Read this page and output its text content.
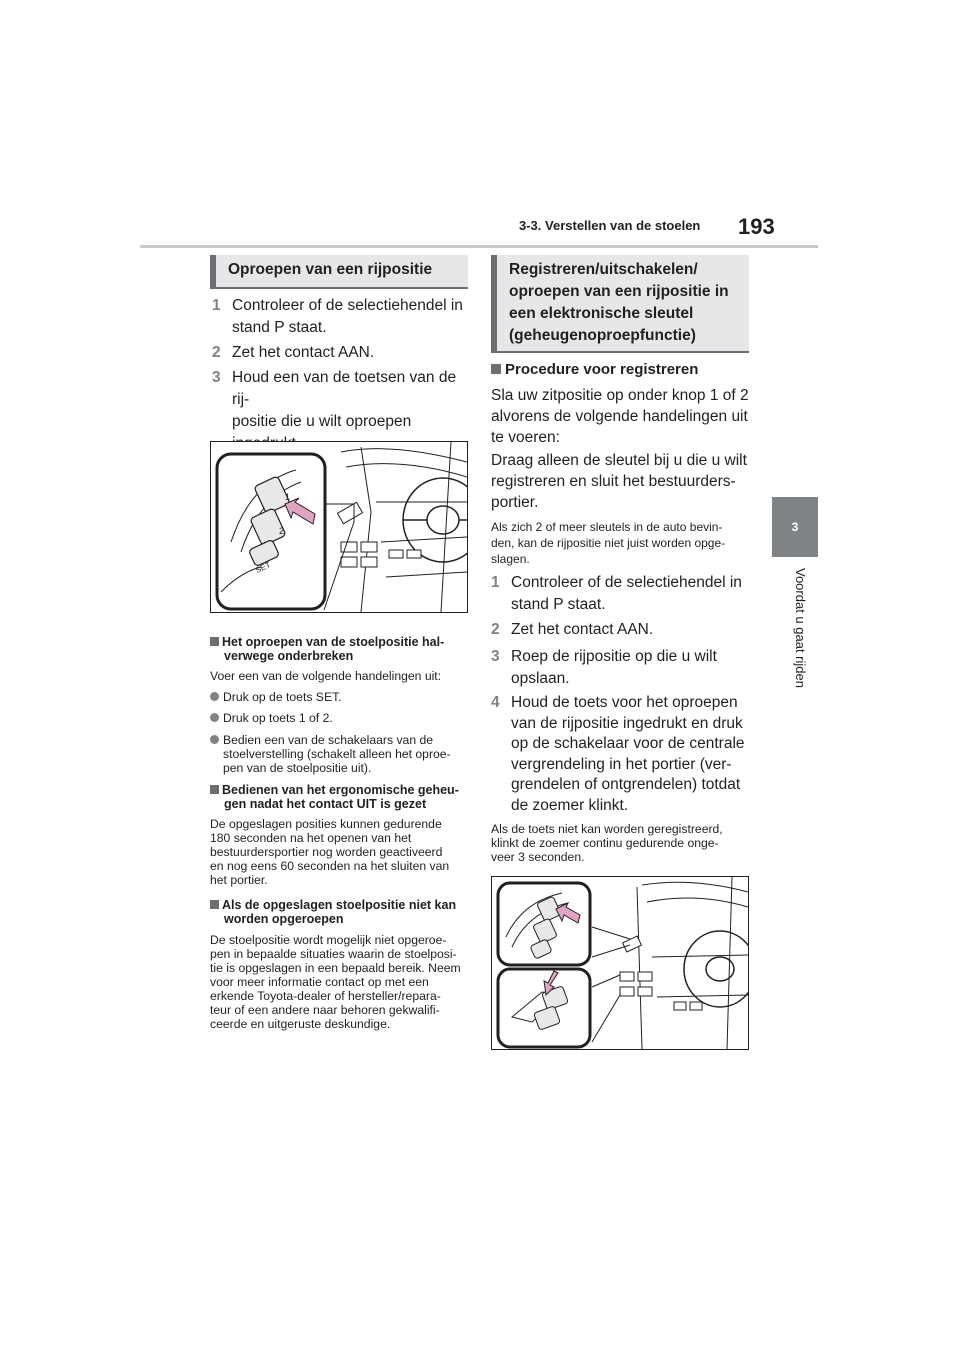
3-3. Verstellen van de stoelen 193
3
Voordat u gaat rijden
Oproepen van een rijpositie
1 Controleer of de selectiehendel in
stand P staat.
2 Zet het contact AAN.
3 Houd een van de toetsen van de rij-
positie die u wilt oproepen
1
2
SET
Het oproepen van de stoelpositie hal-
verwege onderbreken
Voer een van de volgende handelingen uit:
Druk op de toets SET.
Druk op toets 1 of 2.
Bedien een van de schakelaars van de
stoelverstelling (schakelt alleen het oproe-
pen van de stoelpositie uit).
Bedienen van het ergonomische geheu-
gen nadat het contact UIT is gezet
De opgeslagen posities kunnen gedurende
180 seconden na het openen van het
bestuurdersportier nog worden geactiveerd
en nog eens 60 seconden na het sluiten van
het portier.
Als de opgeslagen stoelpositie niet kan
worden opgeroepen
De stoelpositie wordt mogelijk niet opgeroe-
pen in bepaalde situaties waarin de stoelposi-
tie is opgeslagen in een bepaald bereik. Neem
voor meer informatie contact op met een
erkende Toyota-dealer of hersteller/repara-
teur of een andere naar behoren gekwalifi-
ceerde en uitgeruste deskundige.
Registreren/uitschakelen/
oproepen van een rijpositie in
een elektronische sleutel
(geheugenoproepfunctie)
Procedure voor registreren
Sla uw zitpositie op onder knop 1 of 2
alvorens de volgende handelingen uit
te voeren:
Draag alleen de sleutel bij u die u wilt
registreren en sluit het bestuurders-
portier.
Als zich 2 of meer sleutels in de auto bevin-
den, kan de rijpositie niet juist worden opge-
slagen.
1 Controleer of de selectiehendel in
stand P staat.
2 Zet het contact AAN.
3 Roep de rijpositie op die u wilt
opslaan.
4 Houd de toets voor het oproepen
van de rijpositie ingedrukt en druk
op de schakelaar voor de centrale
vergrendeling in het portier (ver-
grendelen of ontgrendelen) totdat
de zoemer klinkt.
Als de toets niet kan worden geregistreerd,
klinkt de zoemer continu gedurende onge-
veer 3 seconden.
